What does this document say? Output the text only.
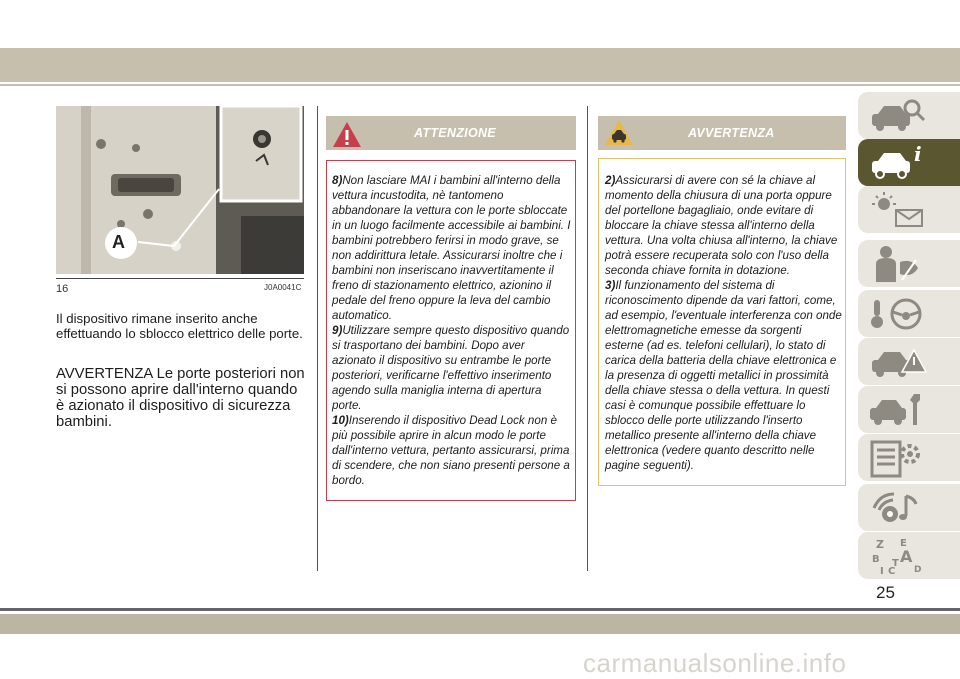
A
16	J0A0041C
Il dispositivo rimane inserito anche effettuando lo sblocco elettrico delle porte.
AVVERTENZA Le porte posteriori non si possono aprire dall'interno quando è azionato il dispositivo di sicurezza bambini.
ATTENZIONE

8)Non lasciare MAI i bambini all'interno della vettura incustodita, nè tantomeno abbandonare la vettura con le porte sbloccate in un luogo facilmente accessibile ai bambini. I bambini potrebbero ferirsi in modo grave, se non addirittura letale. Assicurarsi inoltre che i bambini non inseriscano inavvertitamente il freno di stazionamento elettrico, azionino il pedale del freno oppure la leva del cambio automatico.

9)Utilizzare sempre questo dispositivo quando si trasportano dei bambini. Dopo aver azionato il dispositivo su entrambe le porte posteriori, verificarne l'effettivo inserimento agendo sulla maniglia interna di apertura porte.

10)Inserendo il dispositivo Dead Lock non è più possibile aprire in alcun modo le porte dall'interno vettura, pertanto assicurarsi, prima di scendere, che non siano presenti persone a bordo.

AVVERTENZA

2)Assicurarsi di avere con sé la chiave al momento della chiusura di una porta oppure del portellone bagagliaio, onde evitare di bloccare la chiave stessa all'interno della vettura. Una volta chiusa all'interno, la chiave potrà essere recuperata solo con l'uso della seconda chiave fornita in dotazione.

3)Il funzionamento del sistema di riconoscimento dipende da vari fattori, come, ad esempio, l'eventuale interferenza con onde elettromagnetiche emesse da sorgenti esterne (ad es. telefoni cellulari), lo stato di carica della batteria della chiave elettronica e la presenza di oggetti metallici in prossimità della chiave stessa o della vettura. In questi casi è comunque possibile effettuare lo sblocco delle porte utilizzando l'inserto metallico presente all'interno della chiave elettronica (vedere quanto descritto nelle pagine seguenti).

i
Z E
B A
I C D
T
25
carmanualsonline.info
